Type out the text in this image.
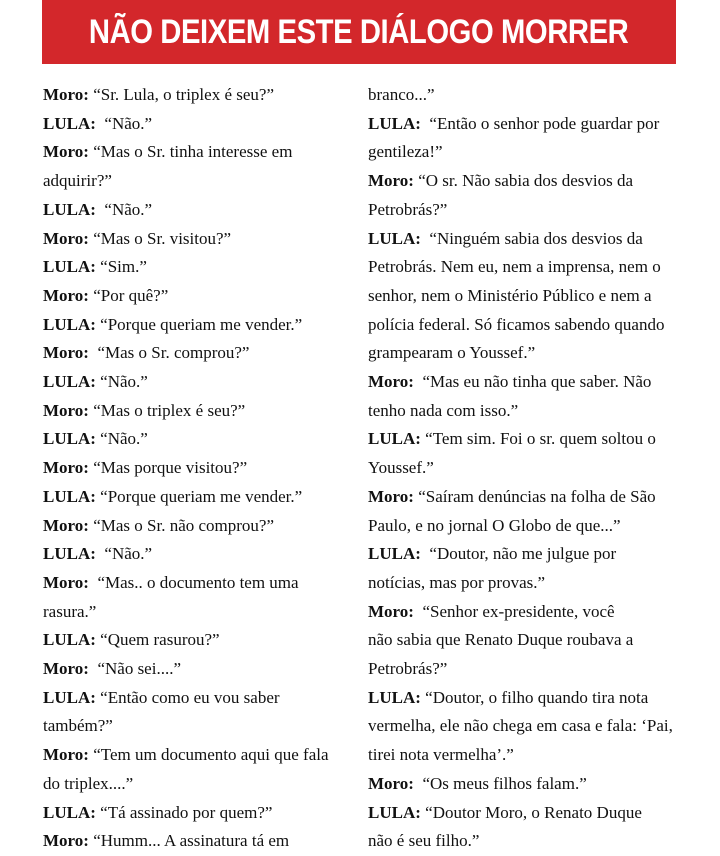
NÃO DEIXEM ESTE DIÁLOGO MORRER
Moro: “Sr. Lula, o triplex é seu?”
LULA:  “Não.”
Moro: “Mas o Sr. tinha interesse em
adquirir?”
LULA:  “Não.”
Moro: “Mas o Sr. visitou?”
LULA: “Sim.”
Moro: “Por quê?”
LULA: “Porque queriam me vender.”
Moro:  “Mas o Sr. comprou?”
LULA: “Não.”
Moro: “Mas o triplex é seu?”
LULA: “Não.”
Moro: “Mas porque visitou?”
LULA: “Porque queriam me vender.”
Moro: “Mas o Sr. não comprou?”
LULA:  “Não.”
Moro:  “Mas.. o documento tem uma
rasura.”
LULA: “Quem rasurou?”
Moro:  “Não sei....”
LULA: “Então como eu vou saber
também?”
Moro: “Tem um documento aqui que fala
do triplex....”
LULA: “Tá assinado por quem?”
Moro: “Humm... A assinatura tá em
branco...”
LULA:  “Então o senhor pode guardar por
gentileza!”
Moro: “O sr. Não sabia dos desvios da
Petrobrás?”
LULA:  “Ninguém sabia dos desvios da
Petrobrás. Nem eu, nem a imprensa, nem o
senhor, nem o Ministério Público e nem a
polícia federal. Só ficamos sabendo quando
grampearam o Youssef.”
Moro:  “Mas eu não tinha que saber. Não
tenho nada com isso.”
LULA: “Tem sim. Foi o sr. quem soltou o
Youssef.”
Moro: “Saíram denúncias na folha de São
Paulo, e no jornal O Globo de que...”
LULA:  “Doutor, não me julgue por
notícias, mas por provas.”
Moro:  “Senhor ex-presidente, você
não sabia que Renato Duque roubava a
Petrobrás?”
LULA: “Doutor, o filho quando tira nota
vermelha, ele não chega em casa e fala: ‘Pai,
tirei nota vermelha’.”
Moro:  “Os meus filhos falam.”
LULA: “Doutor Moro, o Renato Duque
não é seu filho.”
